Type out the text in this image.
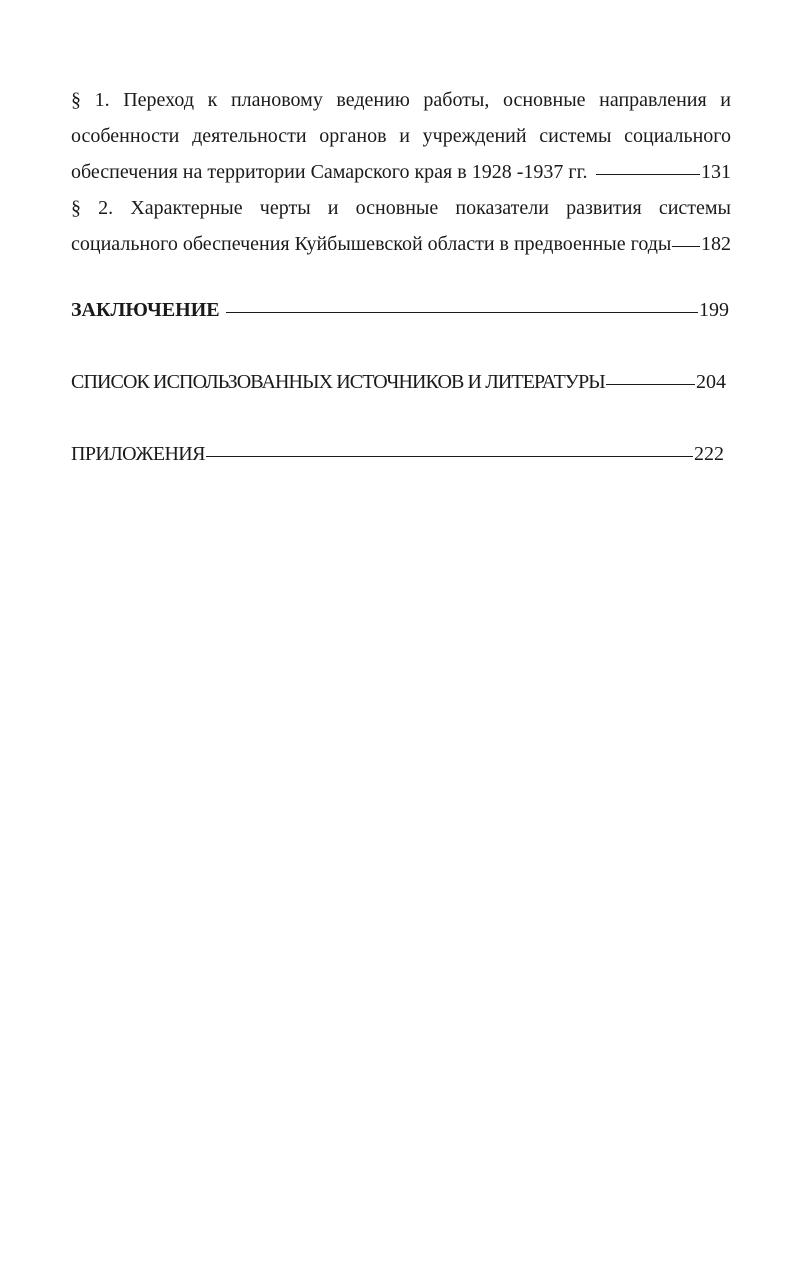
§ 1. Переход к плановому ведению работы, основные направления и
особенности деятельности органов и учреждений системы социального
обеспечения на территории Самарского края в 1928 -1937 гг.	131
§ 2. Характерные черты и основные показатели развития системы
социального обеспечения Куйбышевской области в предвоенные годы 182
ЗАКЛЮЧЕНИЕ	199
СПИСОК ИСПОЛЬЗОВАННЫХ ИСТОЧНИКОВ И ЛИТЕРАТУРЫ	204
ПРИЛОЖЕНИЯ	222
